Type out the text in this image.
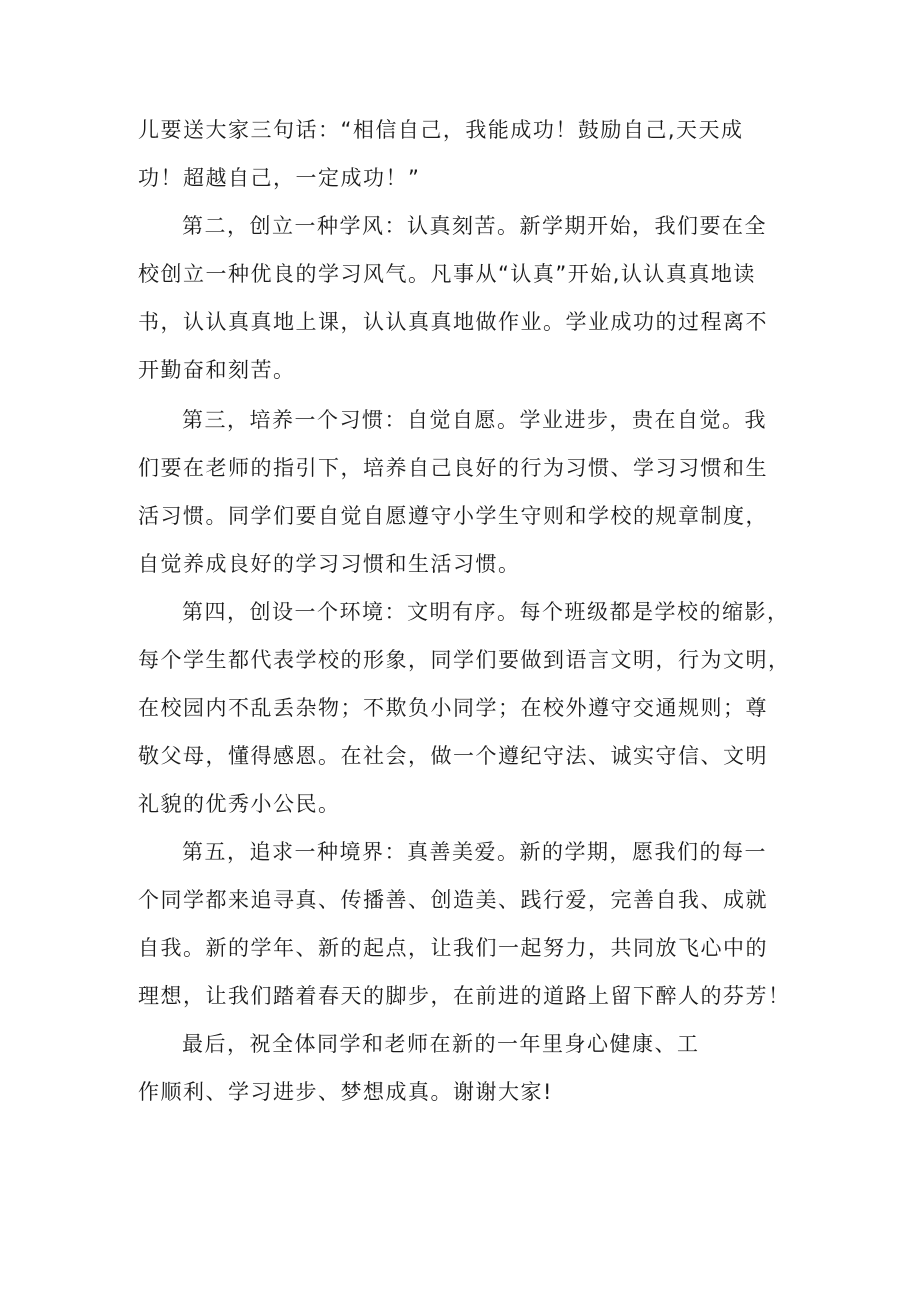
儿要送大家三句话：“相信自己，我能成功！鼓励自己,天天成
功！超越自己，一定成功！”

第二，创立一种学风：认真刻苦。新学期开始，我们要在全
校创立一种优良的学习风气。凡事从“认真”开始,认认真真地读
书，认认真真地上课，认认真真地做作业。学业成功的过程离不
开勤奋和刻苦。

第三，培养一个习惯：自觉自愿。学业进步，贵在自觉。我
们要在老师的指引下，培养自己良好的行为习惯、学习习惯和生
活习惯。同学们要自觉自愿遵守小学生守则和学校的规章制度，
自觉养成良好的学习习惯和生活习惯。

第四，创设一个环境：文明有序。每个班级都是学校的缩影，
每个学生都代表学校的形象，同学们要做到语言文明，行为文明，
在校园内不乱丢杂物；不欺负小同学；在校外遵守交通规则；尊
敬父母，懂得感恩。在社会，做一个遵纪守法、诚实守信、文明
礼貌的优秀小公民。

第五，追求一种境界：真善美爱。新的学期，愿我们的每一
个同学都来追寻真、传播善、创造美、践行爱，完善自我、成就
自我。新的学年、新的起点，让我们一起努力，共同放飞心中的
理想，让我们踏着春天的脚步，在前进的道路上留下醉人的芬芳！

最后，祝全体同学和老师在新的一年里身心健康、工
作顺利、学习进步、梦想成真。谢谢大家!
